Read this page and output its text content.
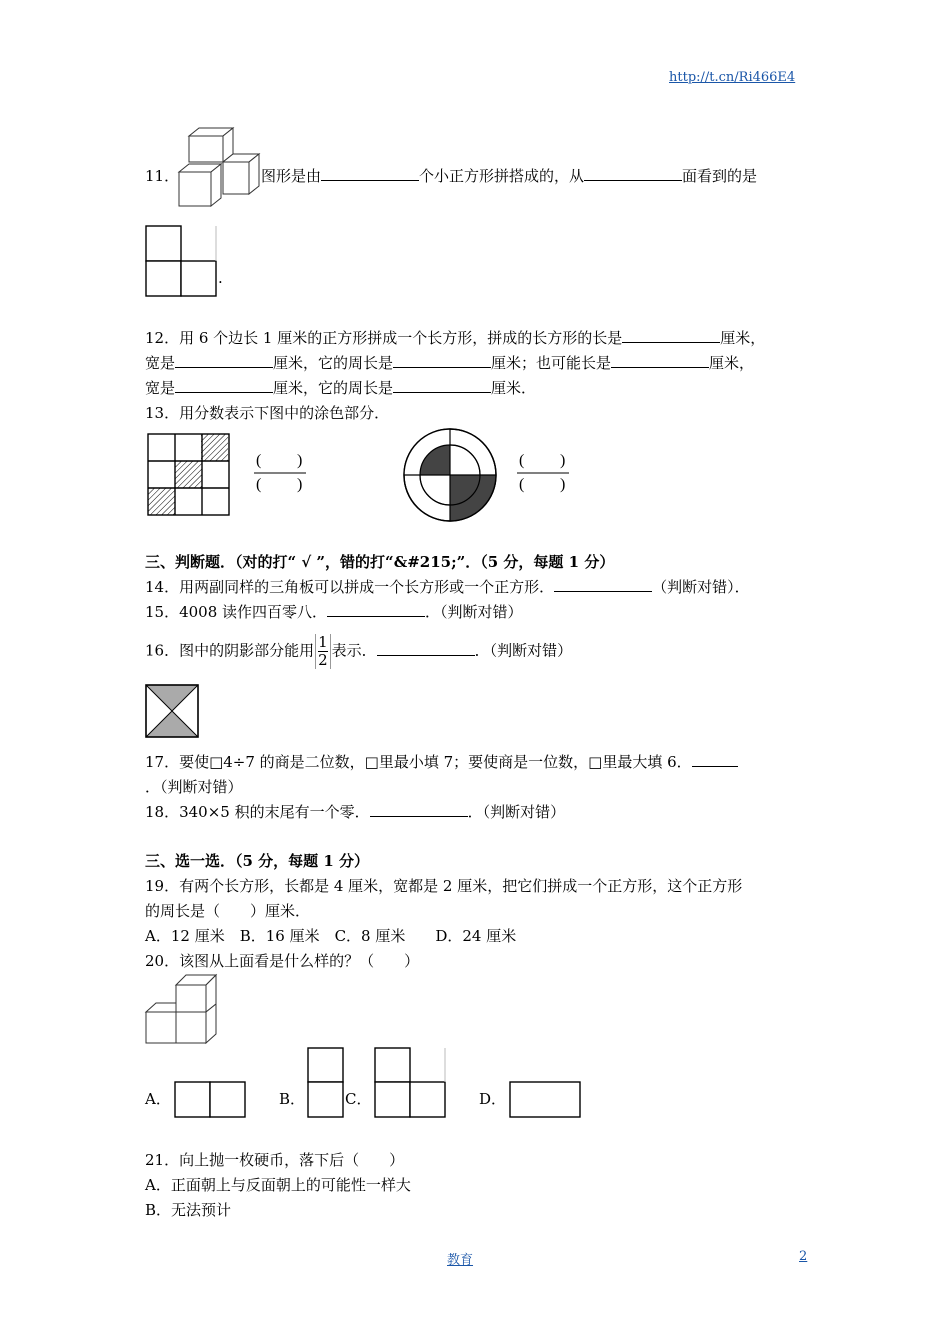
http://t.cn/Ri466E4
11．	图形是由	个小正方形拼搭成的，从	面看到的是
.
12．用 6 个边长 1 厘米的正方形拼成一个长方形，拼成的长方形的长是	厘米，
宽是	厘米，它的周长是	厘米；也可能长是	厘米，
宽是	厘米，它的周长是	厘米．
13．用分数表示下图中的涂色部分．
( )
( )
( )
( )
三、判断题．（对的打“ √ ”，错的打“&#215;”．（5 分，每题 1 分）
14．用两副同样的三角板可以拼成一个长方形或一个正方形．	（判断对错）．
15．4008 读作四百零八．	．（判断对错）
16．图中的阴影部分能用 $\frac{1}{2}$ 表示．	．（判断对错）
17．要使□4÷7 的商是二位数，□里最小填 7；要使商是一位数，□里最大填 6．
．（判断对错）
18．340×5 积的末尾有一个零．	．（判断对错）
三、选一选．（5 分，每题 1 分）
19．有两个长方形，长都是 4 厘米，宽都是 2 厘米，把它们拼成一个正方形，这个正方形
的周长是（　　）厘米．
A．12 厘米　B．16 厘米　C．8 厘米　　D．24 厘米
20．该图从上面看是什么样的？（　　）
A．	B．	C．	D．
21．向上抛一枚硬币，落下后（　　）
A．正面朝上与反面朝上的可能性一样大
B．无法预计
教育	2
